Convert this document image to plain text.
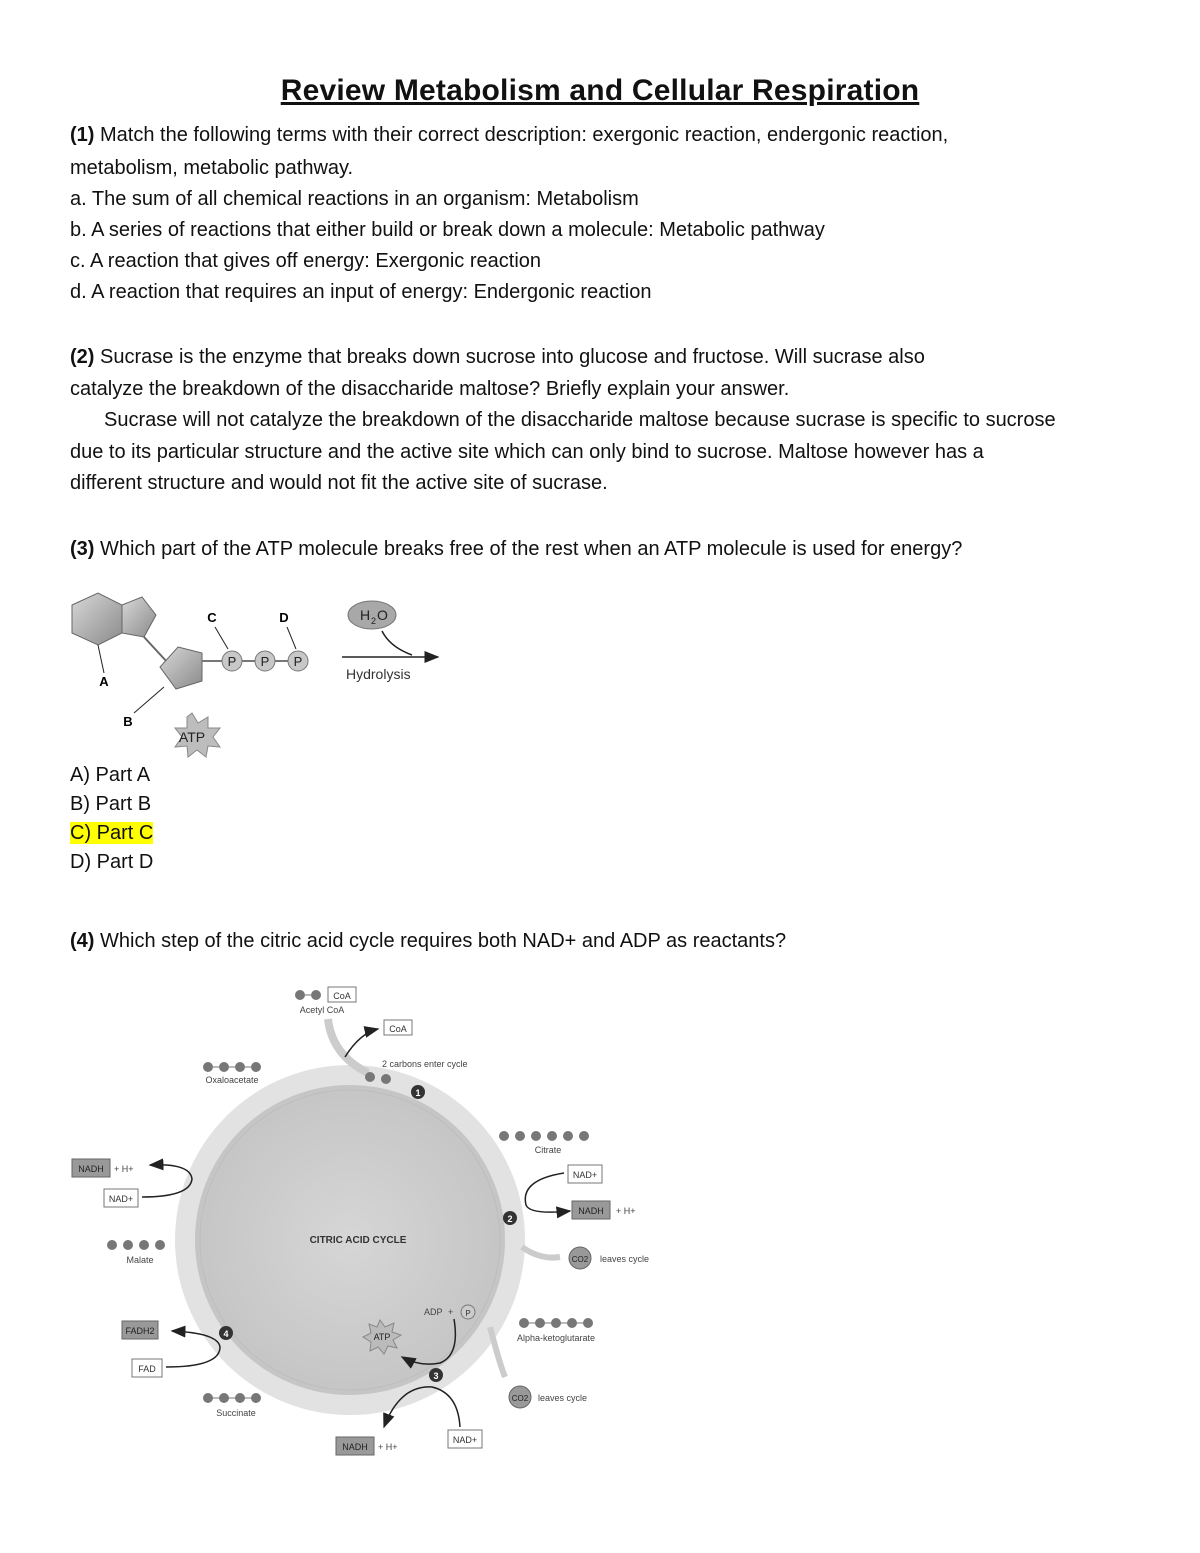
Review Metabolism and Cellular Respiration
(1) Match the following terms with their correct description: exergonic reaction, endergonic reaction,
metabolism, metabolic pathway.
a. The sum of all chemical reactions in an organism: Metabolism
b. A series of reactions that either build or break down a molecule: Metabolic pathway
c. A reaction that gives off energy: Exergonic reaction
d. A reaction that requires an input of energy: Endergonic reaction
(2) Sucrase is the enzyme that breaks down sucrose into glucose and fructose. Will sucrase also
catalyze the breakdown of the disaccharide maltose? Briefly explain your answer.
Sucrase will not catalyze the breakdown of the disaccharide maltose because sucrase is specific to sucrose
due to its particular structure and the active site which can only bind to sucrose. Maltose however has a
different structure and would not fit the active site of sucrase.
(3) Which part of the ATP molecule breaks free of the rest when an ATP molecule is used for energy?
P P P
C	D
A
B
ATP
H 2 O
Hydrolysis
A) Part A
B) Part B
C) Part C
D) Part D
(4) Which step of the citric acid cycle requires both NAD+ and ADP as reactants?
CITRIC ACID CYCLE
CoA
Acetyl CoA
CoA
2 carbons enter cycle
1
Oxaloacetate
Citrate
NAD+
NADH + H+
2
CO2 leaves cycle
Alpha-ketoglutarate
CO2 leaves cycle
ADP + P
ATP
3
NAD+
NADH + H+
Succinate
FADH2
FAD
4
Malate
NADH + H+
NAD+
